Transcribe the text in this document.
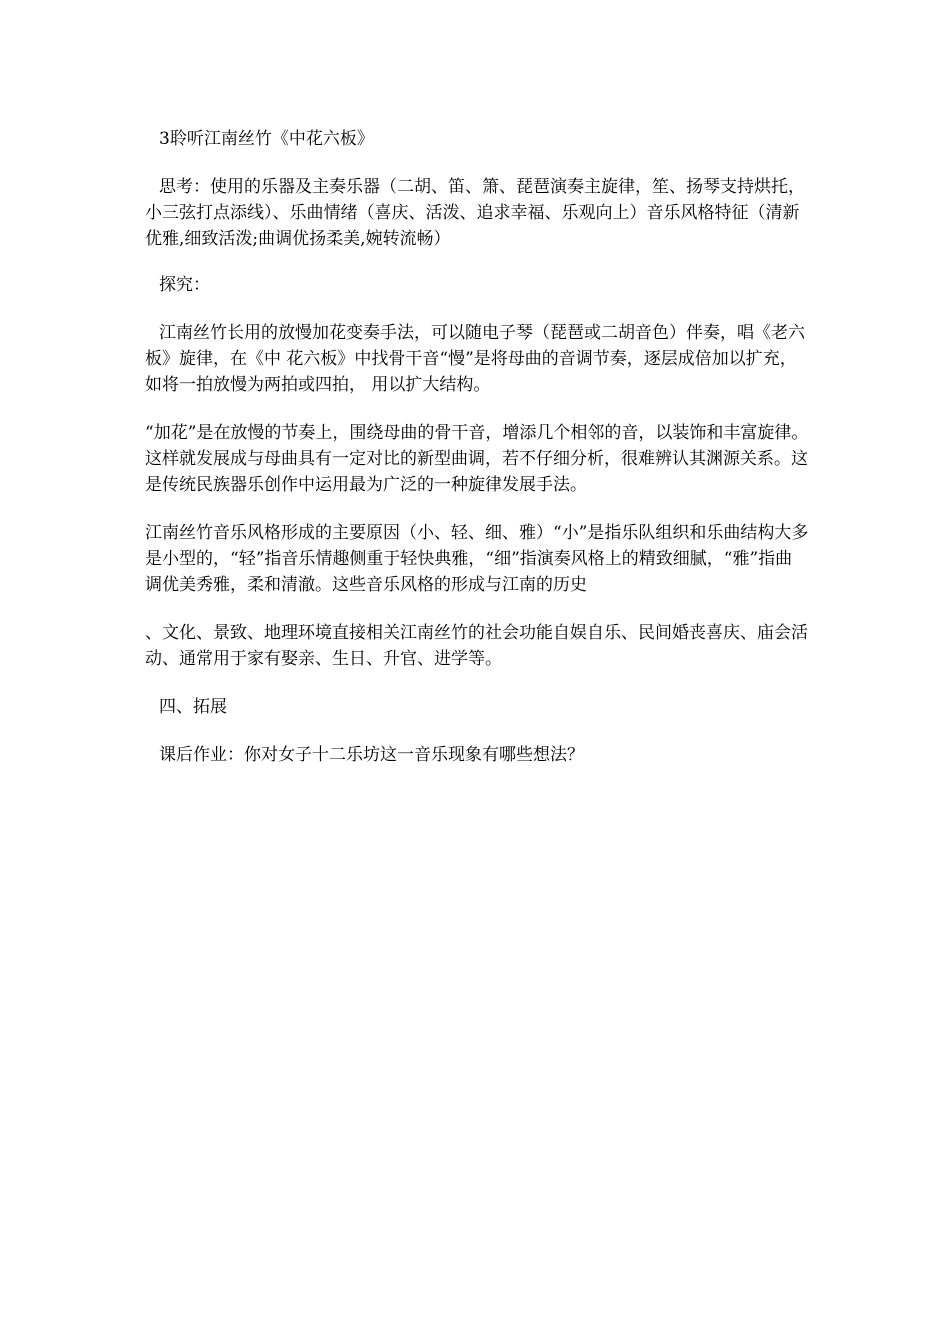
3聆听江南丝竹《中花六板》

思考：使用的乐器及主奏乐器（二胡、笛、箫、琵琶演奏主旋律，笙、扬琴支持烘托，小三弦打点添线）、乐曲情绪（喜庆、活泼、追求幸福、乐观向上）音乐风格特征（清新优雅,细致活泼;曲调优扬柔美,婉转流畅）

探究：

江南丝竹长用的放慢加花变奏手法，可以随电子琴（琵琶或二胡音色）伴奏，唱《老六板》旋律，在《中 花六板》中找骨干音“慢”是将母曲的音调节奏，逐层成倍加以扩充， 如将一拍放慢为两拍或四拍， 用以扩大结构。

“加花”是在放慢的节奏上，围绕母曲的骨干音，增添几个相邻的音，以装饰和丰富旋律。这样就发展成与母曲具有一定对比的新型曲调，若不仔细分析，很难辨认其渊源关系。这是传统民族器乐创作中运用最为广泛的一种旋律发展手法。

江南丝竹音乐风格形成的主要原因（小、轻、细、雅）“小”是指乐队组织和乐曲结构大多是小型的，“轻”指音乐情趣侧重于轻快典雅，“细”指演奏风格上的精致细腻，“雅”指曲调优美秀雅，柔和清澈。这些音乐风格的形成与江南的历史

、文化、景致、地理环境直接相关江南丝竹的社会功能自娱自乐、民间婚丧喜庆、庙会活动、通常用于家有娶亲、生日、升官、进学等。

四、拓展

课后作业：你对女子十二乐坊这一音乐现象有哪些想法？
